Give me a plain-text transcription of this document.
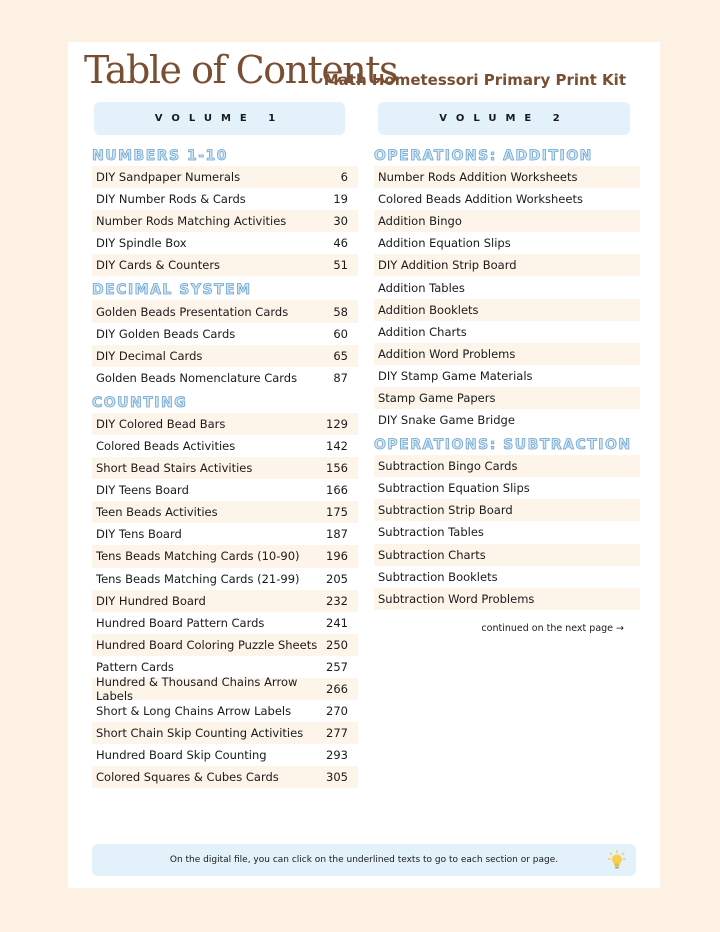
Table of Contents
Math Hometessori Primary Print Kit
VOLUME 1	VOLUME 2
NUMBERS 1-10
DIY Sandpaper Numerals	6
DIY Number Rods & Cards	19
Number Rods Matching Activities	30
DIY Spindle Box	46
DIY Cards & Counters	51
DECIMAL SYSTEM
Golden Beads Presentation Cards	58
DIY Golden Beads Cards	60
DIY Decimal Cards	65
Golden Beads Nomenclature Cards	87
COUNTING
DIY Colored Bead Bars	129
Colored Beads Activities	142
Short Bead Stairs Activities	156
DIY Teens Board	166
Teen Beads Activities	175
DIY Tens Board	187
Tens Beads Matching Cards (10-90) 196
Tens Beads Matching Cards (21-99) 205
DIY Hundred Board	232
Hundred Board Pattern Cards	241
Hundred Board Coloring Puzzle Sheets 250
Pattern Cards	257
Hundred & Thousand Chains Arrow Labels	266
Short & Long Chains Arrow Labels	270
Short Chain Skip Counting Activities 277
Hundred Board Skip Counting	293
Colored Squares & Cubes Cards	305
OPERATIONS: ADDITION
Number Rods Addition Worksheets
Colored Beads Addition Worksheets
Addition Bingo
Addition Equation Slips
DIY Addition Strip Board
Addition Tables
Addition Booklets
Addition Charts
Addition Word Problems
DIY Stamp Game Materials
Stamp Game Papers
DIY Snake Game Bridge
OPERATIONS: SUBTRACTION
Subtraction Bingo Cards
Subtraction Equation Slips
Subtraction Strip Board
Subtraction Tables
Subtraction Charts
Subtraction Booklets
Subtraction Word Problems
continued on the next page →
On the digital file, you can click on the underlined texts to go to each section or page.
